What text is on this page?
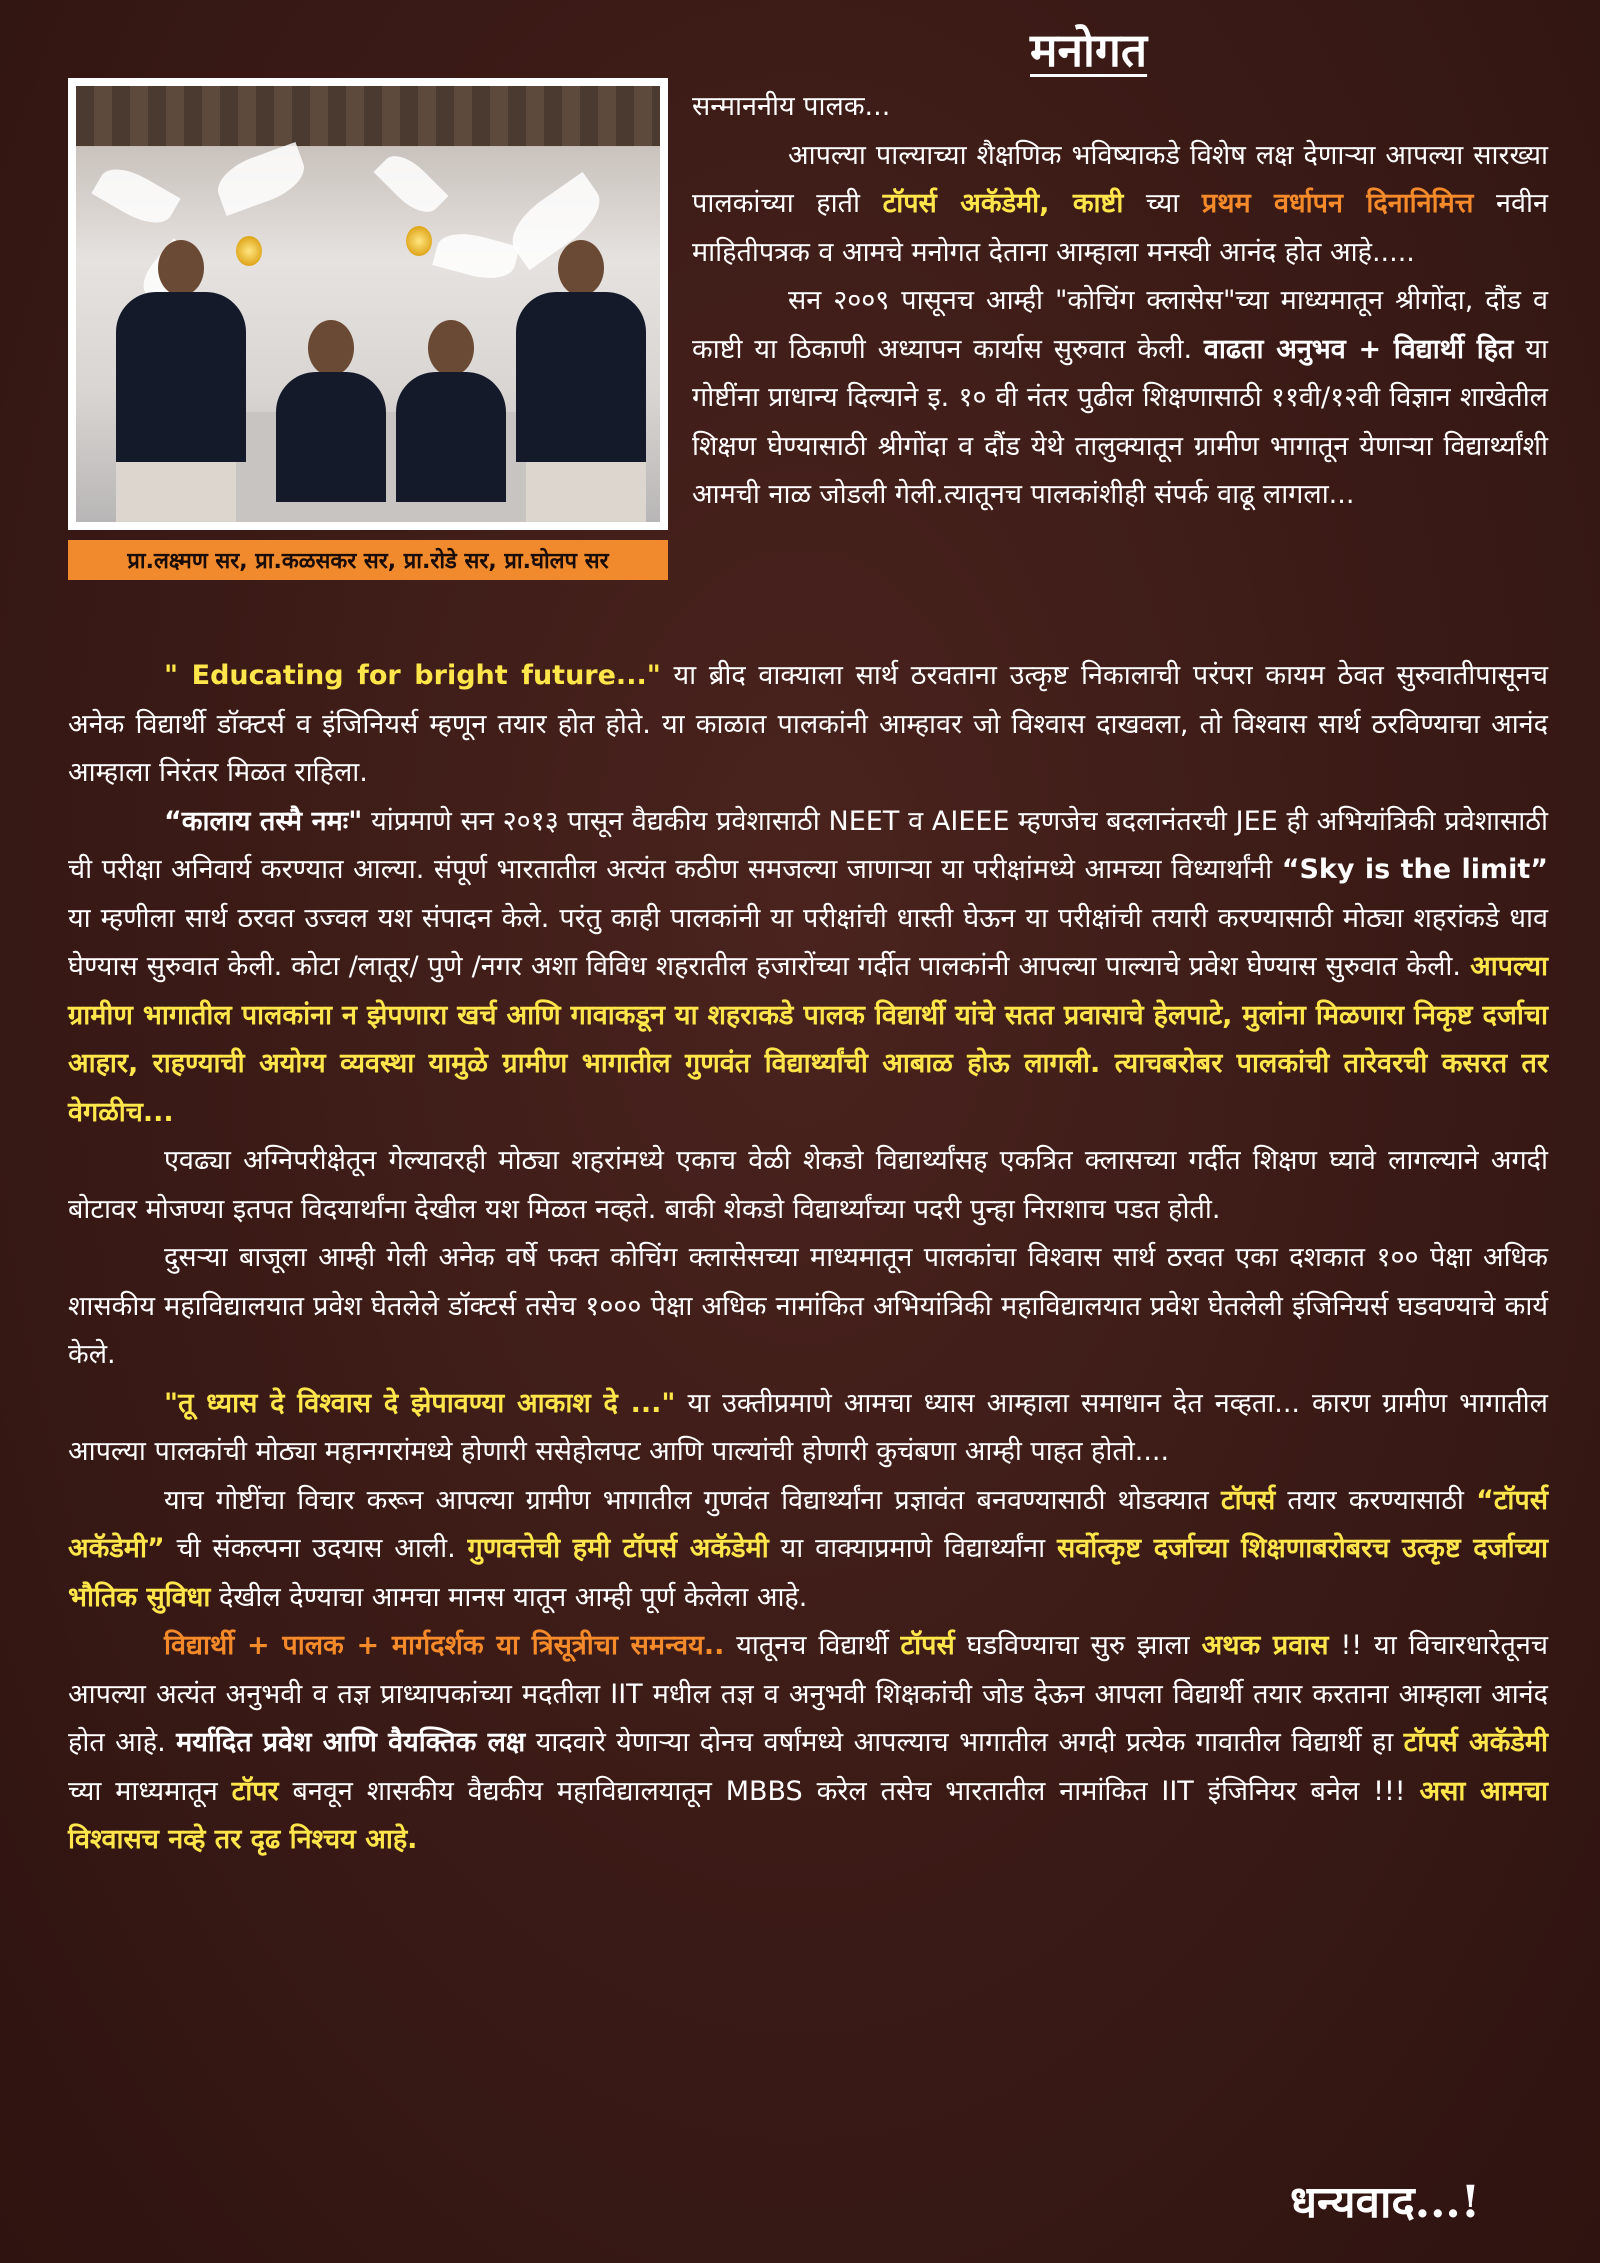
मनोगत
प्रा.लक्ष्मण सर, प्रा.कळसकर सर, प्रा.रोडे सर, प्रा.घोलप सर

सन्माननीय पालक...

आपल्या पाल्याच्या शैक्षणिक भविष्याकडे विशेष लक्ष देणाऱ्या आपल्या सारख्या पालकांच्या हाती टॉपर्स अकॅडेमी, काष्टी च्या प्रथम वर्धापन दिनानिमित्त नवीन माहितीपत्रक व आमचे मनोगत देताना आम्हाला मनस्वी आनंद होत आहे.....

सन २००९ पासूनच आम्ही "कोचिंग क्लासेस"च्या माध्यमातून श्रीगोंदा, दौंड व काष्टी या ठिकाणी अध्यापन कार्यास सुरुवात केली. वाढता अनुभव + विद्यार्थी हित या गोष्टींना प्राधान्य दिल्याने इ. १० वी नंतर पुढील शिक्षणासाठी ११वी/१२वी विज्ञान शाखेतील शिक्षण घेण्यासाठी श्रीगोंदा व दौंड येथे तालुक्यातून ग्रामीण भागातून येणाऱ्या विद्यार्थ्यांशी आमची नाळ जोडली गेली.त्यातूनच पालकांशीही संपर्क वाढू लागला...

" Educating for bright future..." या ब्रीद वाक्याला सार्थ ठरवताना उत्कृष्ट निकालाची परंपरा कायम ठेवत सुरुवातीपासूनच अनेक विद्यार्थी डॉक्टर्स व इंजिनियर्स म्हणून तयार होत होते. या काळात पालकांनी आम्हावर जो विश्वास दाखवला, तो विश्वास सार्थ ठरविण्याचा आनंद आम्हाला निरंतर मिळत राहिला.

“कालाय तस्मै नमः" यांप्रमाणे सन २०१३ पासून वैद्यकीय प्रवेशासाठी NEET व AIEEE म्हणजेच बदलानंतरची JEE ही अभियांत्रिकी प्रवेशासाठी ची परीक्षा अनिवार्य करण्यात आल्या. संपूर्ण भारतातील अत्यंत कठीण समजल्या जाणाऱ्या या परीक्षांमध्ये आमच्या विध्यार्थांनी “Sky is the limit” या म्हणीला सार्थ ठरवत उज्वल यश संपादन केले. परंतु काही पालकांनी या परीक्षांची धास्ती घेऊन या परीक्षांची तयारी करण्यासाठी मोठ्या शहरांकडे धाव घेण्यास सुरुवात केली. कोटा /लातूर/ पुणे /नगर अशा विविध शहरातील हजारोंच्या गर्दीत पालकांनी आपल्या पाल्याचे प्रवेश घेण्यास सुरुवात केली. आपल्या ग्रामीण भागातील पालकांना न झेपणारा खर्च आणि गावाकडून या शहराकडे पालक विद्यार्थी यांचे सतत प्रवासाचे हेलपाटे, मुलांना मिळणारा निकृष्ट दर्जाचा आहार, राहण्याची अयोग्य व्यवस्था यामुळे ग्रामीण भागातील गुणवंत विद्यार्थ्यांची आबाळ होऊ लागली. त्याचबरोबर पालकांची तारेवरची कसरत तर वेगळीच...

एवढ्या अग्निपरीक्षेतून गेल्यावरही मोठ्या शहरांमध्ये एकाच वेळी शेकडो विद्यार्थ्यांसह एकत्रित क्लासच्या गर्दीत शिक्षण घ्यावे लागल्याने अगदी बोटावर मोजण्या इतपत विदयार्थांना देखील यश मिळत नव्हते. बाकी शेकडो विद्यार्थ्यांच्या पदरी पुन्हा निराशाच पडत होती.

दुसऱ्या बाजूला आम्ही गेली अनेक वर्षे फक्त कोचिंग क्लासेसच्या माध्यमातून पालकांचा विश्वास सार्थ ठरवत एका दशकात १०० पेक्षा अधिक शासकीय महाविद्यालयात प्रवेश घेतलेले डॉक्टर्स तसेच १००० पेक्षा अधिक नामांकित अभियांत्रिकी महाविद्यालयात प्रवेश घेतलेली इंजिनियर्स घडवण्याचे कार्य केले.

"तू ध्यास दे विश्वास दे झेपावण्या आकाश दे ..." या उक्तीप्रमाणे आमचा ध्यास आम्हाला समाधान देत नव्हता... कारण ग्रामीण भागातील आपल्या पालकांची मोठ्या महानगरांमध्ये होणारी ससेहोलपट आणि पाल्यांची होणारी कुचंबणा आम्ही पाहत होतो....

याच गोष्टींचा विचार करून आपल्या ग्रामीण भागातील गुणवंत विद्यार्थ्यांना प्रज्ञावंत बनवण्यासाठी थोडक्यात टॉपर्स तयार करण्यासाठी “टॉपर्स अकॅडेमी” ची संकल्पना उदयास आली. गुणवत्तेची हमी टॉपर्स अकॅडेमी या वाक्याप्रमाणे विद्यार्थ्यांना सर्वोत्कृष्ट दर्जाच्या शिक्षणाबरोबरच उत्कृष्ट दर्जाच्या भौतिक सुविधा देखील देण्याचा आमचा मानस यातून आम्ही पूर्ण केलेला आहे.

विद्यार्थी + पालक + मार्गदर्शक या त्रिसूत्रीचा समन्वय.. यातूनच विद्यार्थी टॉपर्स घडविण्याचा सुरु झाला अथक प्रवास !! या विचारधारेतूनच आपल्या अत्यंत अनुभवी व तज्ञ प्राध्यापकांच्या मदतीला IIT मधील तज्ञ व अनुभवी शिक्षकांची जोड देऊन आपला विद्यार्थी तयार करताना आम्हाला आनंद होत आहे. मर्यादित प्रवेश आणि वैयक्तिक लक्ष यादवारे येणाऱ्या दोनच वर्षांमध्ये आपल्याच भागातील अगदी प्रत्येक गावातील विद्यार्थी हा टॉपर्स अकॅडेमी च्या माध्यमातून टॉपर बनवून शासकीय वैद्यकीय महाविद्यालयातून MBBS करेल तसेच भारतातील नामांकित IIT इंजिनियर बनेल !!! असा आमचा विश्वासच नव्हे तर दृढ निश्चय आहे.

धन्यवाद...!
